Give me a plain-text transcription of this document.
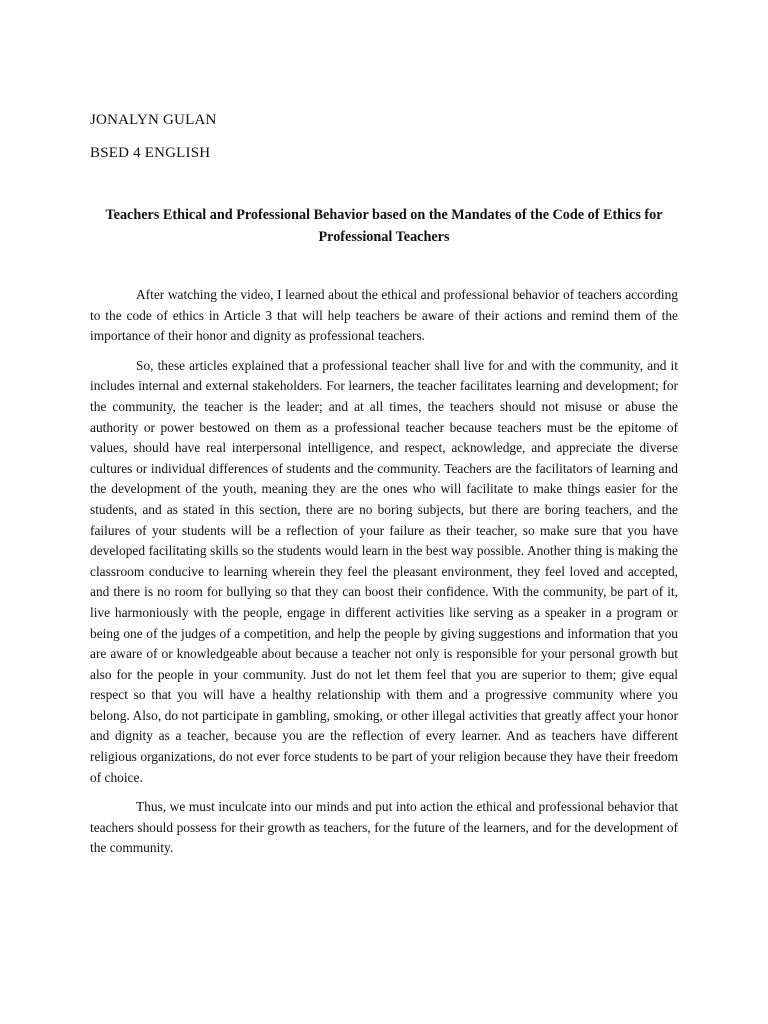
JONALYN GULAN

BSED 4 ENGLISH

Teachers Ethical and Professional Behavior based on the Mandates of the Code of Ethics for Professional Teachers

After watching the video, I learned about the ethical and professional behavior of teachers according to the code of ethics in Article 3 that will help teachers be aware of their actions and remind them of the importance of their honor and dignity as professional teachers.

So, these articles explained that a professional teacher shall live for and with the community, and it includes internal and external stakeholders. For learners, the teacher facilitates learning and development; for the community, the teacher is the leader; and at all times, the teachers should not misuse or abuse the authority or power bestowed on them as a professional teacher because teachers must be the epitome of values, should have real interpersonal intelligence, and respect, acknowledge, and appreciate the diverse cultures or individual differences of students and the community. Teachers are the facilitators of learning and the development of the youth, meaning they are the ones who will facilitate to make things easier for the students, and as stated in this section, there are no boring subjects, but there are boring teachers, and the failures of your students will be a reflection of your failure as their teacher, so make sure that you have developed facilitating skills so the students would learn in the best way possible. Another thing is making the classroom conducive to learning wherein they feel the pleasant environment, they feel loved and accepted, and there is no room for bullying so that they can boost their confidence. With the community, be part of it, live harmoniously with the people, engage in different activities like serving as a speaker in a program or being one of the judges of a competition, and help the people by giving suggestions and information that you are aware of or knowledgeable about because a teacher not only is responsible for your personal growth but also for the people in your community. Just do not let them feel that you are superior to them; give equal respect so that you will have a healthy relationship with them and a progressive community where you belong. Also, do not participate in gambling, smoking, or other illegal activities that greatly affect your honor and dignity as a teacher, because you are the reflection of every learner. And as teachers have different religious organizations, do not ever force students to be part of your religion because they have their freedom of choice.

Thus, we must inculcate into our minds and put into action the ethical and professional behavior that teachers should possess for their growth as teachers, for the future of the learners, and for the development of the community.
